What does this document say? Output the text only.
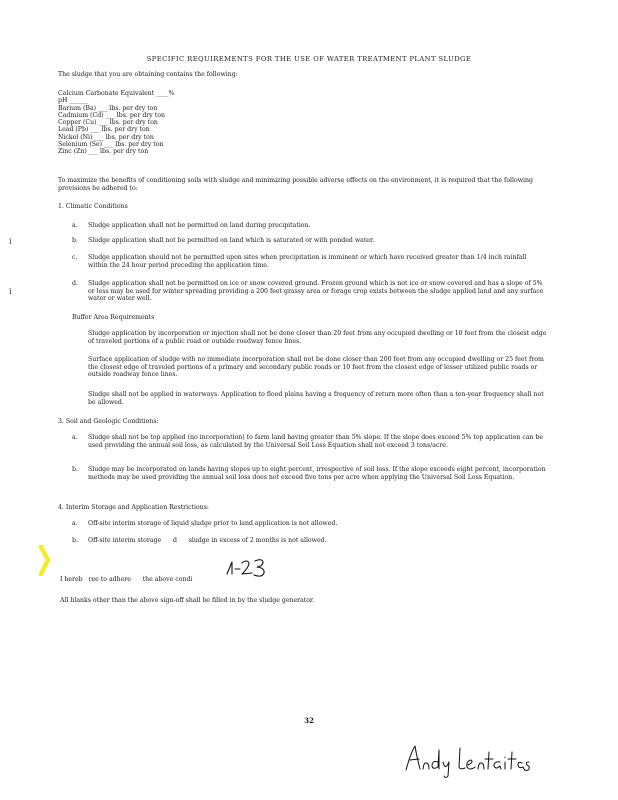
i
i
SPECIFIC REQUIREMENTS FOR THE USE OF WATER TREATMENT PLANT SLUDGE
The sludge that you are obtaining contains the following:
Calcium Carbonate Equivalent ____%
pH ______
Barium (Ba) ___ lbs. per dry ton
Cadmium (Cd) ___ lbs. per dry ton
Copper (Cu) ___ lbs. per dry ton
Lead (Pb) ___ lbs. per dry ton
Nickel (Ni) ___ lbs. per dry ton
Selenium (Se) ___ lbs. per dry ton
Zinc (Zn) ___ lbs. per dry ton
To maximize the benefits of conditioning soils with sludge and minimizing possible adverse effects on the environment, it is required that the following provisions be adhered to:
1. Climatic Conditions
a. Sludge application shall not be permitted on land during precipitation.
b. Sludge application shall not be permitted on land which is saturated or with ponded water.
c. Sludge application should not be permitted upon sites when precipitation is imminent or which have received greater than 1/4 inch rainfall within the 24 hour period preceding the application time.
d. Sludge application shall not be permitted on ice or snow covered ground. Frozen ground which is not ice or snow covered and has a slope of 5% or less may be used for winter spreading providing a 200 feet grassy area or forage crop exists between the sludge applied land and any surface water or water well.
Buffer Area Requirements
Sludge application by incorporation or injection shall not be done closer than 20 feet from any occupied dwelling or 10 feet from the closest edge of traveled portions of a public road or outside roadway fence lines.
Surface application of sludge with no immediate incorporation shall not be done closer than 200 feet from any occupied dwelling or 25 feet from the closest edge of traveled portions of a primary and secondary public roads or 10 feet from the closest edge of lesser utilized public roads or outside roadway fence lines.
Sludge shall not be applied in waterways. Application to flood plains having a frequency of return more often than a ten-year frequency shall not be allowed.
3. Soil and Geologic Conditions:
a. Sludge shall not be top applied (no incorporation) to farm land having greater than 5% slope. If the slope does exceed 5% top application can be used providing the annual soil loss, as calculated by the Universal Soil Loss Equation shall not exceed 3 tons/acre.
b. Sludge may be incorporated on lands having slopes up to eight percent, irrespective of soil loss. If the slope exceeds eight percent, incorporation methods may be used providing the annual soil loss does not exceed five tons per acre when applying the Universal Soil Loss Equation.
4. Interim Storage and Application Restrictions:
a. Off-site interim storage of liquid sludge prior to land application is not allowed.
b. Off-site interim storage      d      sludge in excess of 2 months is not allowed.
I hereb   ree to adhere      the above condi
All blanks other than the above sign-off shall be filled in by the sludge generator.
32
